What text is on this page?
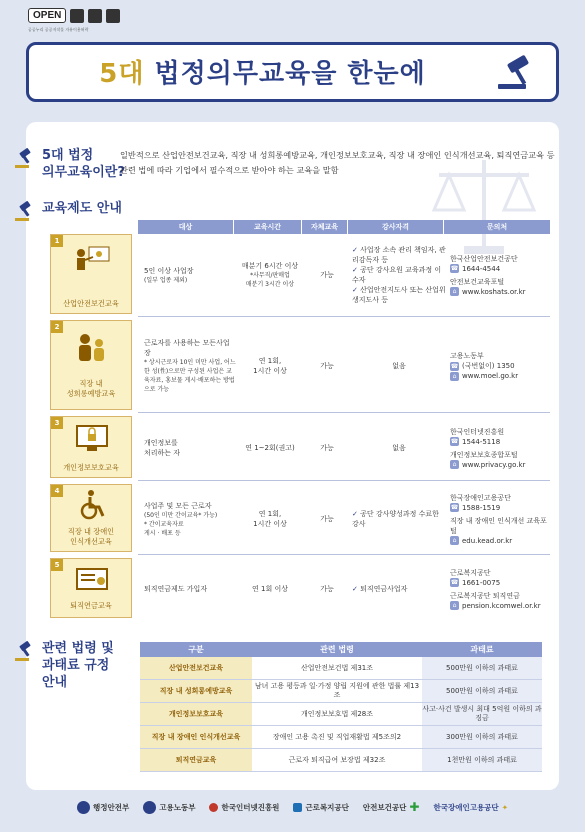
OPEN
공공누리 공공저작물 자유이용허락
5대 법정의무교육을 한눈에
5대 법정
의무교육이란?
일반적으로 산업안전보건교육, 직장 내 성희롱예방교육, 개인정보보호교육, 직장 내 장애인 인식개선교육, 퇴직연금교육 등 관련 법에 따라 기업에서 필수적으로 받아야 하는 교육을 말함
교육제도 안내
대상	교육시간	자체교육	강사자격	문의처
1
산업안전보건교육
5인 이상 사업장
(일부 업종 제외)
매분기 6시간 이상
*사무직/판매업
매분기 3시간 이상
가능
✓ 사업장 소속 관리 책임자, 관리감독자 등
✓ 공단 강사요원 교육과정 이수자
✓ 산업안전지도사 또는 산업위생지도사 등
한국산업안전보건공단
☎ 1644-4544
안전보건교육포털
⌂ www.koshats.or.kr
2
직장 내
성희롱예방교육
근로자를 사용하는 모든사업장
* 상시근로자 10인 미만 사업, 어느 한 성(性)으로만 구성된 사업은 교육자료, 홍보물 게시·배포하는 방법으로 가능
연 1회,
1시간 이상
가능	없음
고용노동부
☎ (국번없이) 1350
⌂ www.moel.go.kr
3
개인정보보호교육
개인정보를
처리하는 자
연 1~2회(권고)	가능	없음
한국인터넷진흥원
☎ 1544-5118
개인정보보호종합포털
⌂ www.privacy.go.kr
4
직장 내 장애인
인식개선교육
사업주 및 모든 근로자
(50인 미만 간이교육* 가능)
* 간이교육자료
게시 · 배포 등
연 1회,
1시간 이상
가능
✓ 공단 강사양성과정 수료한 강사
한국장애인고용공단
☎ 1588-1519
직장 내 장애인 인식개선 교육포털
⌂ edu.kead.or.kr
5
퇴직연금교육
퇴직연금제도 가입자	연 1회 이상	가능
✓	퇴직연금사업자
근로복지공단
☎ 1661-0075
근로복지공단 퇴직연금
⌂ pension.kcomwel.or.kr
관련 법령 및
과태료 규정
안내
구분	관련 법령	과태료
산업안전보건교육	산업안전보건법 제31조	500만원 이하의 과태료
직장 내 성희롱예방교육
남녀 고용 평등과 일·가정 양립 지원에 관한 법률 제13조
500만원 이하의 과태료
개인정보보호교육	개인정보보호법 제28조
사고·사건 발생시 최대 5억원 이하의 과징금
직장 내 장애인 인식개선교육	장애인 고용 촉진 및 직업재활법 제5조의2	300만원 이하의 과태료
퇴직연금교육	근로자 퇴직급여 보장법 제32조	1천만원 이하의 과태료
행정안전부	고용노동부	한국인터넷진흥원	근로복지공단 안전보건공단 ✚ 한국장애인고용공단 ✦
